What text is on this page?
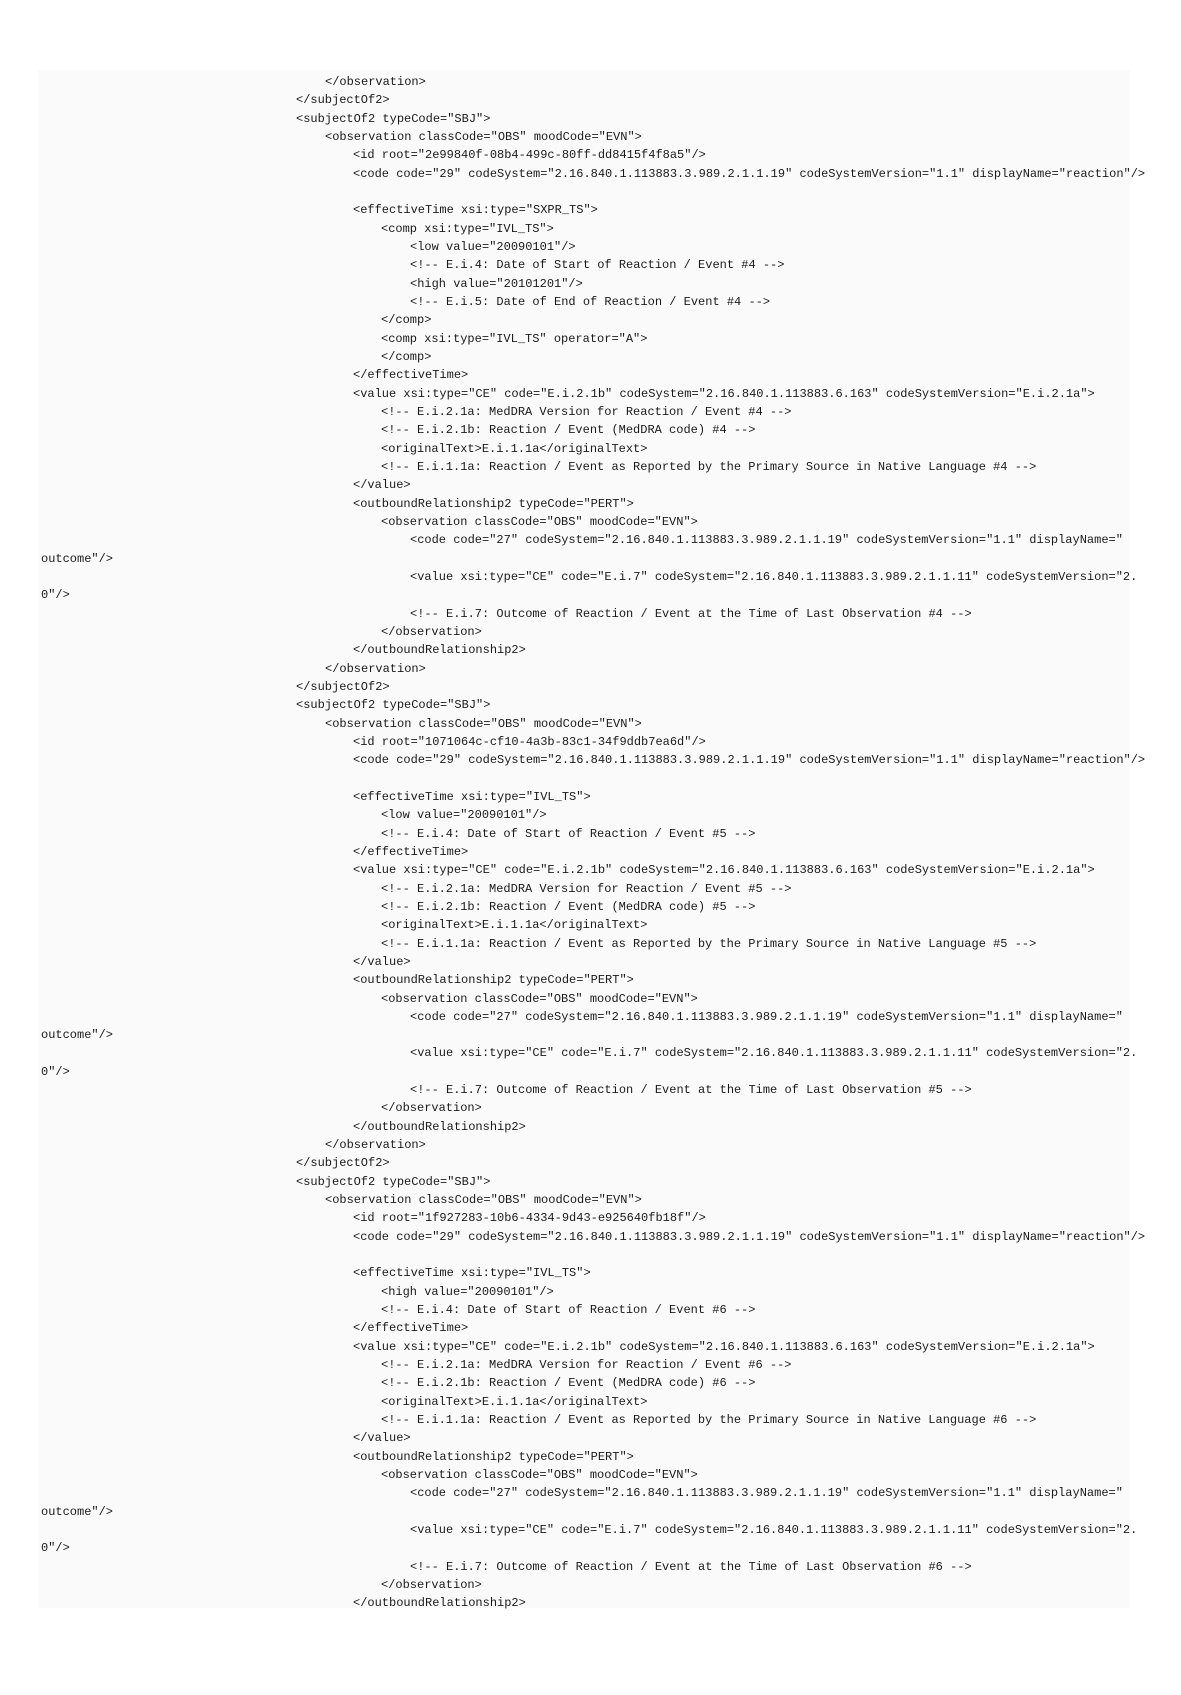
</observation>
</subjectOf2>
<subjectOf2 typeCode="SBJ">
<observation classCode="OBS" moodCode="EVN">
<id root="2e99840f-08b4-499c-80ff-dd8415f4f8a5"/>
<code code="29" codeSystem="2.16.840.1.113883.3.989.2.1.1.19" codeSystemVersion="1.1" displayName="reaction"/>
<effectiveTime xsi:type="SXPR_TS">
<comp xsi:type="IVL_TS">
<low value="20090101"/>
<!-- E.i.4: Date of Start of Reaction / Event #4 -->
<high value="20101201"/>
<!-- E.i.5: Date of End of Reaction / Event #4 -->
</comp>
<comp xsi:type="IVL_TS" operator="A">
</comp>
</effectiveTime>
<value xsi:type="CE" code="E.i.2.1b" codeSystem="2.16.840.1.113883.6.163" codeSystemVersion="E.i.2.1a">
<!-- E.i.2.1a: MedDRA Version for Reaction / Event #4 -->
<!-- E.i.2.1b: Reaction / Event (MedDRA code) #4 -->
<originalText>E.i.1.1a</originalText>
<!-- E.i.1.1a: Reaction / Event as Reported by the Primary Source in Native Language #4 -->
</value>
<outboundRelationship2 typeCode="PERT">
<observation classCode="OBS" moodCode="EVN">
<code code="27" codeSystem="2.16.840.1.113883.3.989.2.1.1.19" codeSystemVersion="1.1" displayName="
outcome"/>
<value xsi:type="CE" code="E.i.7" codeSystem="2.16.840.1.113883.3.989.2.1.1.11" codeSystemVersion="2.
0"/>
<!-- E.i.7: Outcome of Reaction / Event at the Time of Last Observation #4 -->
</observation>
</outboundRelationship2>
</observation>
</subjectOf2>
<subjectOf2 typeCode="SBJ">
<observation classCode="OBS" moodCode="EVN">
<id root="1071064c-cf10-4a3b-83c1-34f9ddb7ea6d"/>
<code code="29" codeSystem="2.16.840.1.113883.3.989.2.1.1.19" codeSystemVersion="1.1" displayName="reaction"/>
<effectiveTime xsi:type="IVL_TS">
<low value="20090101"/>
<!-- E.i.4: Date of Start of Reaction / Event #5 -->
</effectiveTime>
<value xsi:type="CE" code="E.i.2.1b" codeSystem="2.16.840.1.113883.6.163" codeSystemVersion="E.i.2.1a">
<!-- E.i.2.1a: MedDRA Version for Reaction / Event #5 -->
<!-- E.i.2.1b: Reaction / Event (MedDRA code) #5 -->
<originalText>E.i.1.1a</originalText>
<!-- E.i.1.1a: Reaction / Event as Reported by the Primary Source in Native Language #5 -->
</value>
<outboundRelationship2 typeCode="PERT">
<observation classCode="OBS" moodCode="EVN">
<code code="27" codeSystem="2.16.840.1.113883.3.989.2.1.1.19" codeSystemVersion="1.1" displayName="
outcome"/>
<value xsi:type="CE" code="E.i.7" codeSystem="2.16.840.1.113883.3.989.2.1.1.11" codeSystemVersion="2.
0"/>
<!-- E.i.7: Outcome of Reaction / Event at the Time of Last Observation #5 -->
</observation>
</outboundRelationship2>
</observation>
</subjectOf2>
<subjectOf2 typeCode="SBJ">
<observation classCode="OBS" moodCode="EVN">
<id root="1f927283-10b6-4334-9d43-e925640fb18f"/>
<code code="29" codeSystem="2.16.840.1.113883.3.989.2.1.1.19" codeSystemVersion="1.1" displayName="reaction"/>
<effectiveTime xsi:type="IVL_TS">
<high value="20090101"/>
<!-- E.i.4: Date of Start of Reaction / Event #6 -->
</effectiveTime>
<value xsi:type="CE" code="E.i.2.1b" codeSystem="2.16.840.1.113883.6.163" codeSystemVersion="E.i.2.1a">
<!-- E.i.2.1a: MedDRA Version for Reaction / Event #6 -->
<!-- E.i.2.1b: Reaction / Event (MedDRA code) #6 -->
<originalText>E.i.1.1a</originalText>
<!-- E.i.1.1a: Reaction / Event as Reported by the Primary Source in Native Language #6 -->
</value>
<outboundRelationship2 typeCode="PERT">
<observation classCode="OBS" moodCode="EVN">
<code code="27" codeSystem="2.16.840.1.113883.3.989.2.1.1.19" codeSystemVersion="1.1" displayName="
outcome"/>
<value xsi:type="CE" code="E.i.7" codeSystem="2.16.840.1.113883.3.989.2.1.1.11" codeSystemVersion="2.
0"/>
<!-- E.i.7: Outcome of Reaction / Event at the Time of Last Observation #6 -->
</observation>
</outboundRelationship2>
